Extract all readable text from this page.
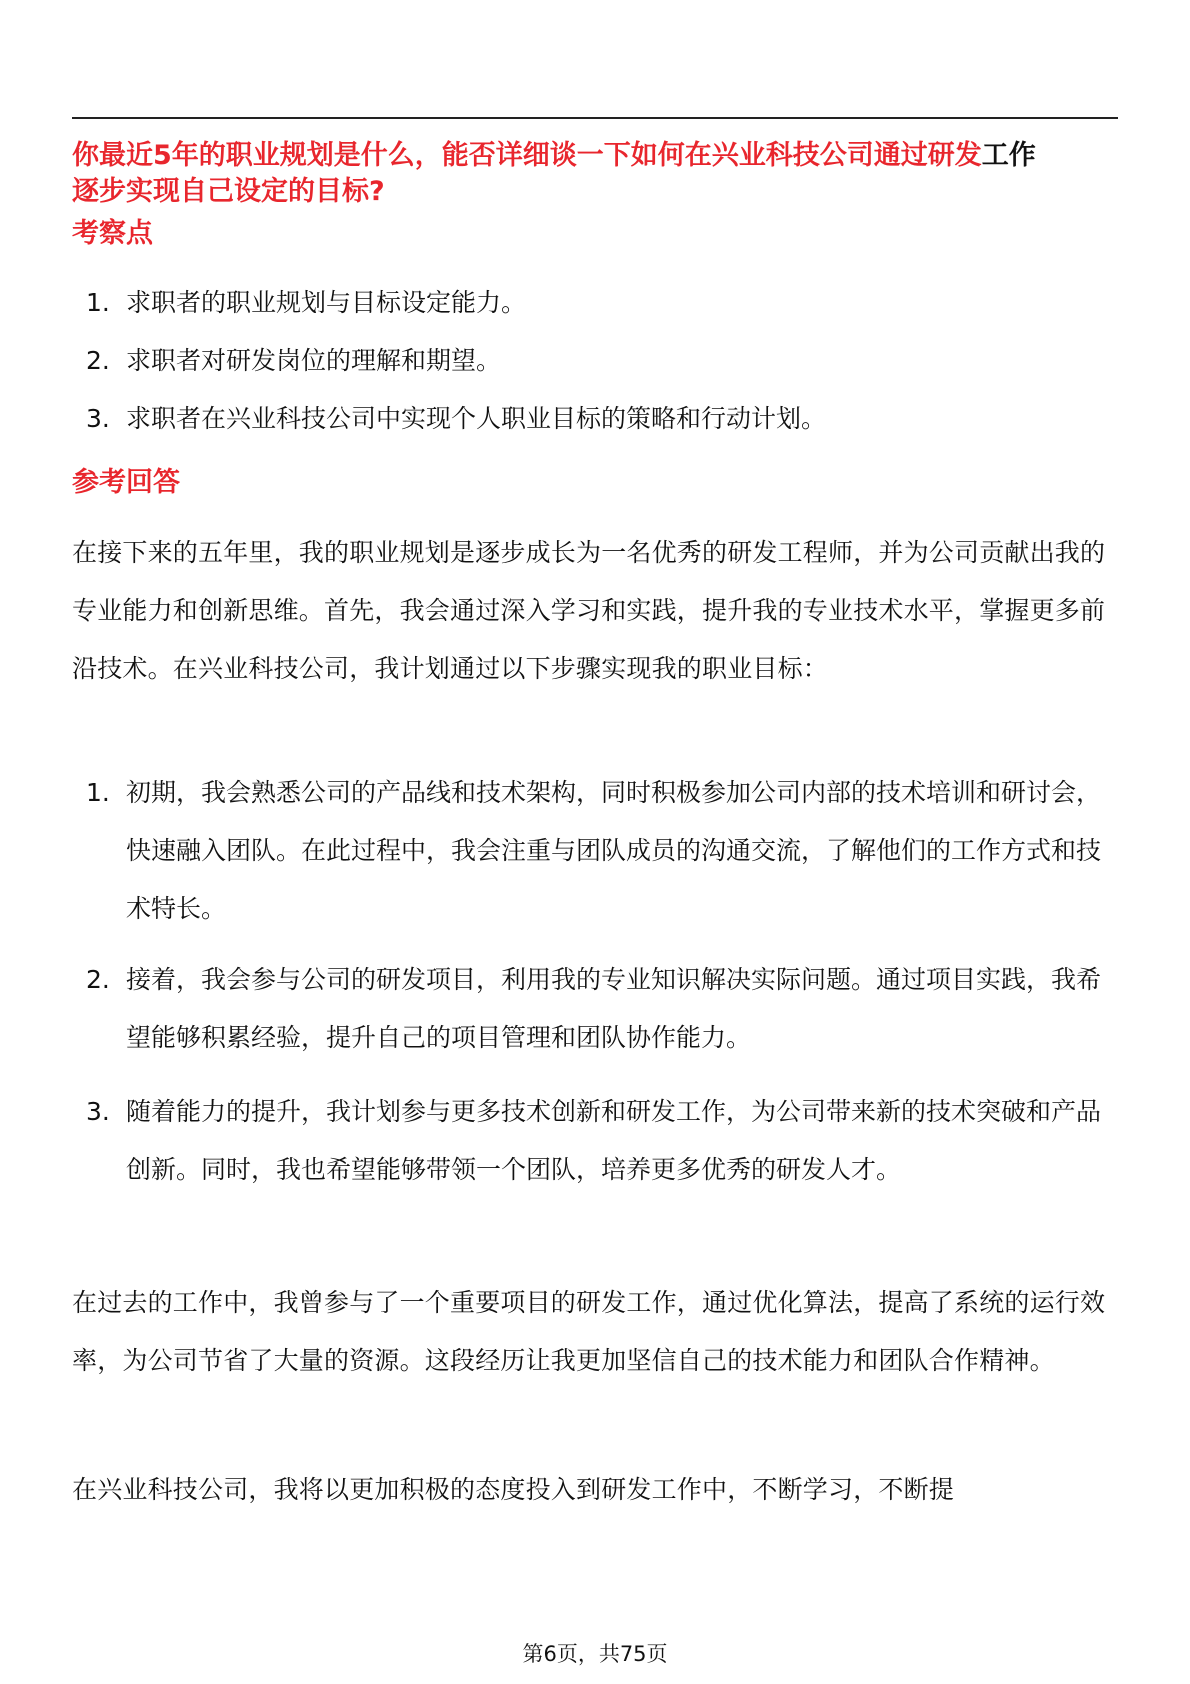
你最近5年的职业规划是什么，能否详细谈一下如何在兴业科技公司通过研发工作
逐步实现自己设定的目标?
考察点
1. 求职者的职业规划与目标设定能力。
2. 求职者对研发岗位的理解和期望。
3. 求职者在兴业科技公司中实现个人职业目标的策略和行动计划。
参考回答

在接下来的五年里，我的职业规划是逐步成长为一名优秀的研发工程师，并为公司贡献出我的专业能力和创新思维。首先，我会通过深入学习和实践，提升我的专业技术水平，掌握更多前沿技术。在兴业科技公司，我计划通过以下步骤实现我的职业目标：

1. 初期，我会熟悉公司的产品线和技术架构，同时积极参加公司内部的技术培训和研讨会，快速融入团队。在此过程中，我会注重与团队成员的沟通交流，了解他们的工作方式和技术特长。
2. 接着，我会参与公司的研发项目，利用我的专业知识解决实际问题。通过项目实践，我希望能够积累经验，提升自己的项目管理和团队协作能力。
3. 随着能力的提升，我计划参与更多技术创新和研发工作，为公司带来新的技术突破和产品创新。同时，我也希望能够带领一个团队，培养更多优秀的研发人才。

在过去的工作中，我曾参与了一个重要项目的研发工作，通过优化算法，提高了系统的运行效率，为公司节省了大量的资源。这段经历让我更加坚信自己的技术能力和团队合作精神。

在兴业科技公司，我将以更加积极的态度投入到研发工作中，不断学习，不断提

第6页，共75页
